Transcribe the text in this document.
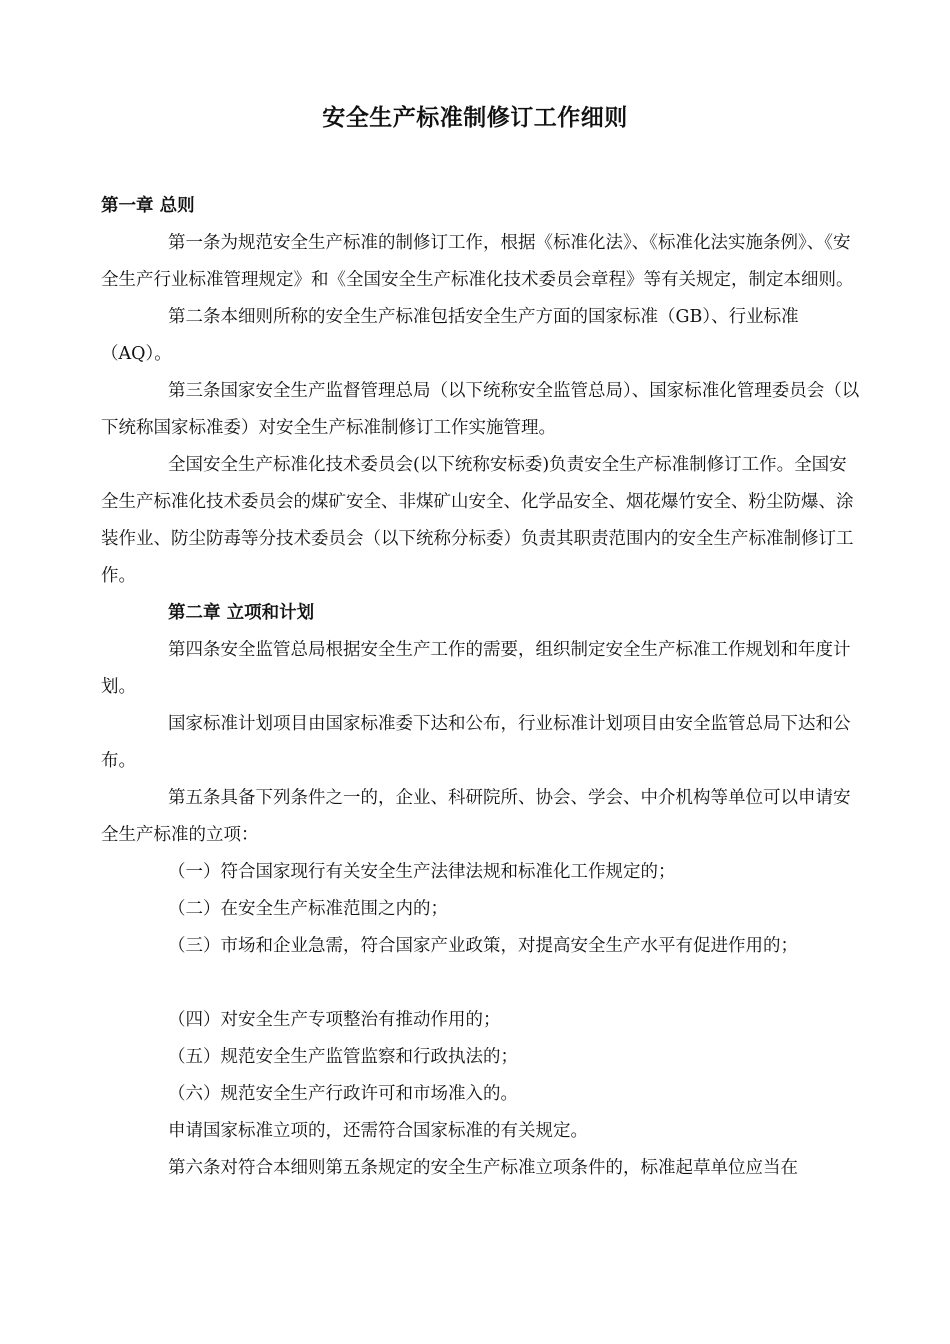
安全生产标准制修订工作细则

第一章 总则

第一条为规范安全生产标准的制修订工作，根据《标准化法》、《标准化法实施条例》、《安全生产行业标准管理规定》和《全国安全生产标准化技术委员会章程》等有关规定，制定本细则。

第二条本细则所称的安全生产标准包括安全生产方面的国家标准（GB）、行业标准（AQ）。

第三条国家安全生产监督管理总局（以下统称安全监管总局）、国家标准化管理委员会（以下统称国家标准委）对安全生产标准制修订工作实施管理。

全国安全生产标准化技术委员会(以下统称安标委)负责安全生产标准制修订工作。全国安全生产标准化技术委员会的煤矿安全、非煤矿山安全、化学品安全、烟花爆竹安全、粉尘防爆、涂装作业、防尘防毒等分技术委员会（以下统称分标委）负责其职责范围内的安全生产标准制修订工作。

第二章 立项和计划

第四条安全监管总局根据安全生产工作的需要，组织制定安全生产标准工作规划和年度计划。

国家标准计划项目由国家标准委下达和公布，行业标准计划项目由安全监管总局下达和公布。

第五条具备下列条件之一的，企业、科研院所、协会、学会、中介机构等单位可以申请安全生产标准的立项：

（一）符合国家现行有关安全生产法律法规和标准化工作规定的；

（二）在安全生产标准范围之内的；

（三）市场和企业急需，符合国家产业政策，对提高安全生产水平有促进作用的；

（四）对安全生产专项整治有推动作用的；

（五）规范安全生产监管监察和行政执法的；

（六）规范安全生产行政许可和市场准入的。

申请国家标准立项的，还需符合国家标准的有关规定。

第六条对符合本细则第五条规定的安全生产标准立项条件的，标准起草单位应当在
